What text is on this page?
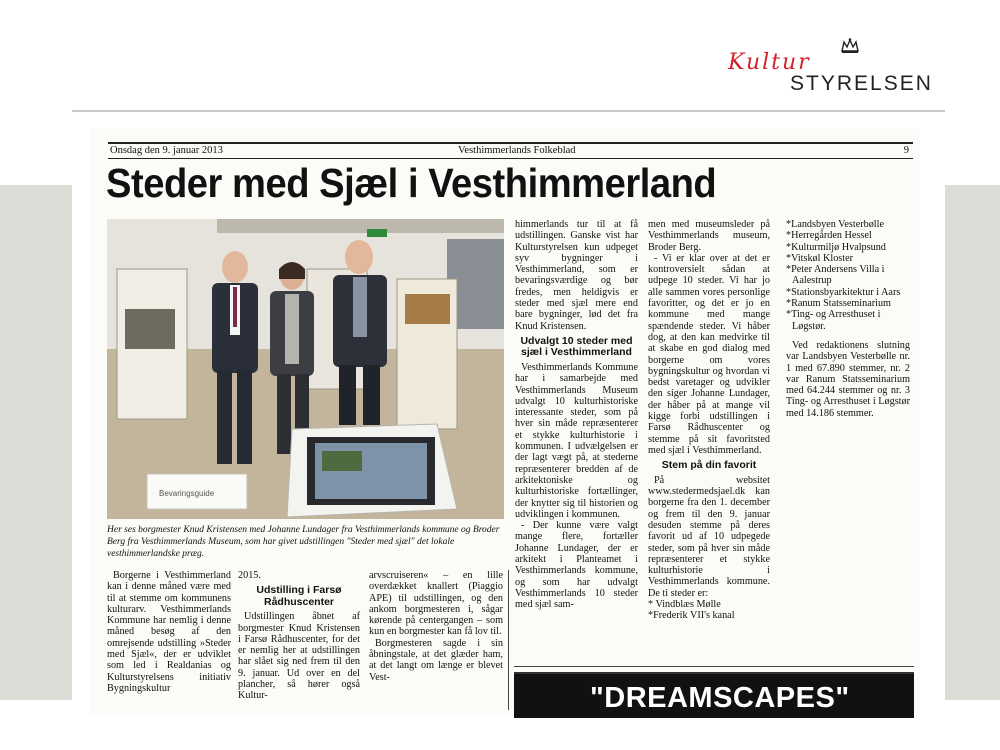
Kultur
STYRELSEN
Onsdag den 9. januar 2013	Vesthimmerlands Folkeblad	9
Steder med Sjæl i Vesthimmerland
Bevaringsguide
Her ses borgmester Knud Kristensen med Johanne Lundager fra Vesthimmerlands kommune og Broder Berg fra Vesthimmerlands Museum, som har givet udstillingen "Steder med sjæl" det lokale vesthimmerlandske præg.

Borgerne i Vesthimmerland kan i denne måned være med til at stemme om kommunens kulturarv. Vesthimmerlands Kommune har nemlig i denne måned besøg af den omrejsende udstilling »Steder med Sjæl«, der er udviklet som led i Realdanias og Kulturstyrelsens initiativ Bygningskultur

2015.

Udstilling i Farsø Rådhuscenter

Udstillingen åbnet af borgmester Knud Kristensen i Farsø Rådhuscenter, for det er nemlig her at udstillingen har slået sig ned frem til den 9. januar. Ud over en del plancher, så hører også Kultur-

arvscruiseren« – en lille overdækket knallert (Piaggio APE) til udstillingen, og den ankom borgmesteren i, sågar kørende på centergangen – som kun en borgmester kan få lov til.

Borgmesteren sagde i sin åbningstale, at det glæder ham, at det langt om længe er blevet Vest-

himmerlands tur til at få udstillingen. Ganske vist har Kulturstyrelsen kun udpeget syv bygninger i Vesthimmerland, som er bevaringsværdige og bør fredes, men heldigvis er steder med sjæl mere end bare bygninger, lød det fra Knud Kristensen.

Udvalgt 10 steder med sjæl i Vesthimmerland

Vesthimmerlands Kommune har i samarbejde med Vesthimmerlands Museum udvalgt 10 kulturhistoriske interessante steder, som på hver sin måde repræsenterer et stykke kulturhistorie i kommunen. I udvælgelsen er der lagt vægt på, at stederne repræsenterer bredden af de arkitektoniske og kulturhistoriske fortællinger, der knytter sig til historien og udviklingen i kommunen.

- Der kunne være valgt mange flere, fortæller Johanne Lundager, der er arkitekt i Planteamet i Vesthimmerlands kommune, og som har udvalgt Vesthimmerlands 10 steder med sjæl sam-

men med museumsleder på Vesthimmerlands museum, Broder Berg.

- Vi er klar over at det er kontroversielt sådan at udpege 10 steder. Vi har jo alle sammen vores personlige favoritter, og det er jo en kommune med mange spændende steder. Vi håber dog, at den kan medvirke til at skabe en god dialog med borgerne om vores bygningskultur og hvordan vi bedst varetager og udvikler den siger Johanne Lundager, der håber på at mange vil kigge forbi udstillingen i Farsø Rådhuscenter og stemme på sit favoritsted med sjæl i Vesthimmerland.

Stem på din favorit

På websitet www.stedermedsjael.dk kan borgerne fra den 1. december og frem til den 9. januar desuden stemme på deres favorit ud af 10 udpegede steder, som på hver sin måde repræsenterer et stykke kulturhistorie i Vesthimmerlands kommune. De ti steder er:

* Vindblæs Mølle
*Frederik VII's kanal
*Landsbyen Vesterbølle
*Herregården Hessel
*Kulturmiljø Hvalpsund
*Vitskøl Kloster
*Peter Andersens Villa i Aalestrup
*Stationsbyarkitektur i Aars
*Ranum Statsseminarium
*Ting- og Arresthuset i Løgstør.

Ved redaktionens slutning var Landsbyen Vesterbølle nr. 1 med 67.890 stemmer, nr. 2 var Ranum Statsseminarium med 64.244 stemmer og nr. 3 Ting- og Arresthuset i Løgstør med 14.186 stemmer.

"DREAMSCAPES"
